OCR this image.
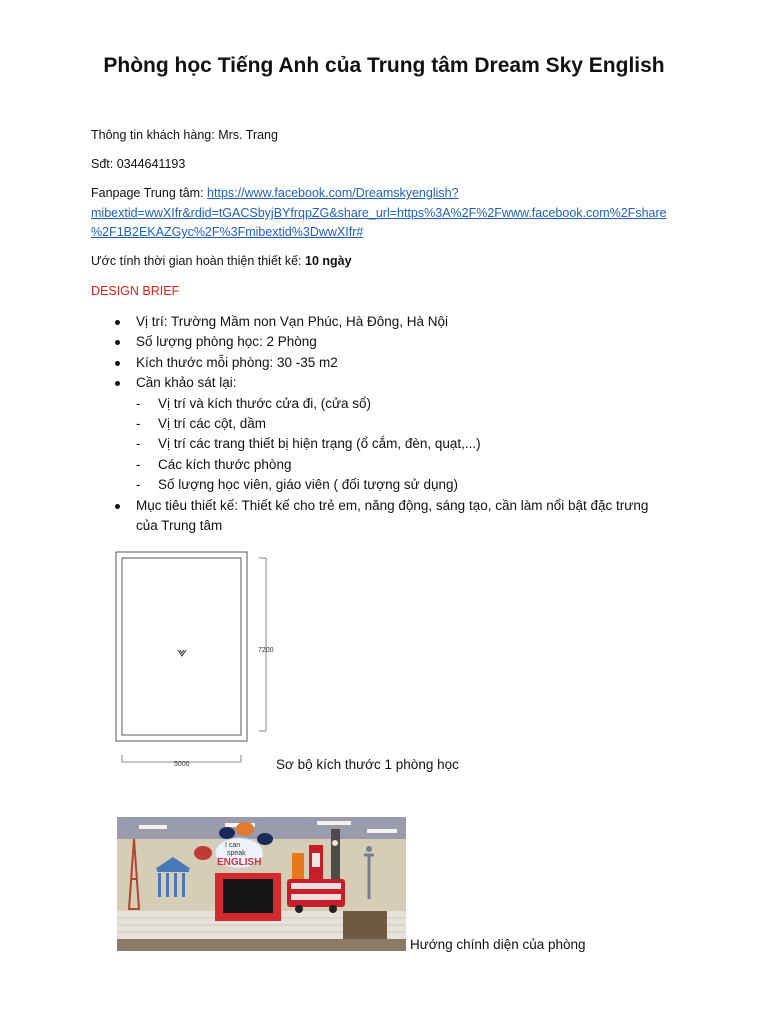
Phòng học Tiếng Anh của Trung tâm Dream Sky English

Thông tin khách hàng: Mrs. Trang

Sđt: 0344641193

Fanpage Trung tâm: https://www.facebook.com/Dreamskyenglish?

mibextid=wwXIfr&rdid=tGACSbyjBYfrqpZG&share_url=https%3A%2F%2Fwww.facebook.com%2Fshare

%2F1B2EKAZGyc%2F%3Fmibextid%3DwwXIfr#

Ước tính thời gian hoàn thiện thiết kế: 10 ngày

DESIGN BRIEF

Vị trí: Trường Mầm non Vạn Phúc, Hà Đông, Hà Nội
Số lượng phòng học: 2 Phòng
Kích thước mỗi phòng: 30 -35 m2
Cần khảo sát lại:
- Vị trí và kích thước cửa đi, (cửa sổ)
- Vị trí các cột, dầm
- Vị trí các trang thiết bị hiện trạng (ổ cắm, đèn, quạt,...)
- Các kích thước phòng
- Số lượng học viên, giáo viên ( đối tượng sử dụng)
Mục tiêu thiết kế: Thiết kế cho trẻ em, năng động, sáng tạo, cần làm nổi bật đặc trưng
của Trung tâm
7200
5000	Sơ bộ kích thước 1 phòng học
I can
speak
ENGLISH
Hướng chính diện của phòng
